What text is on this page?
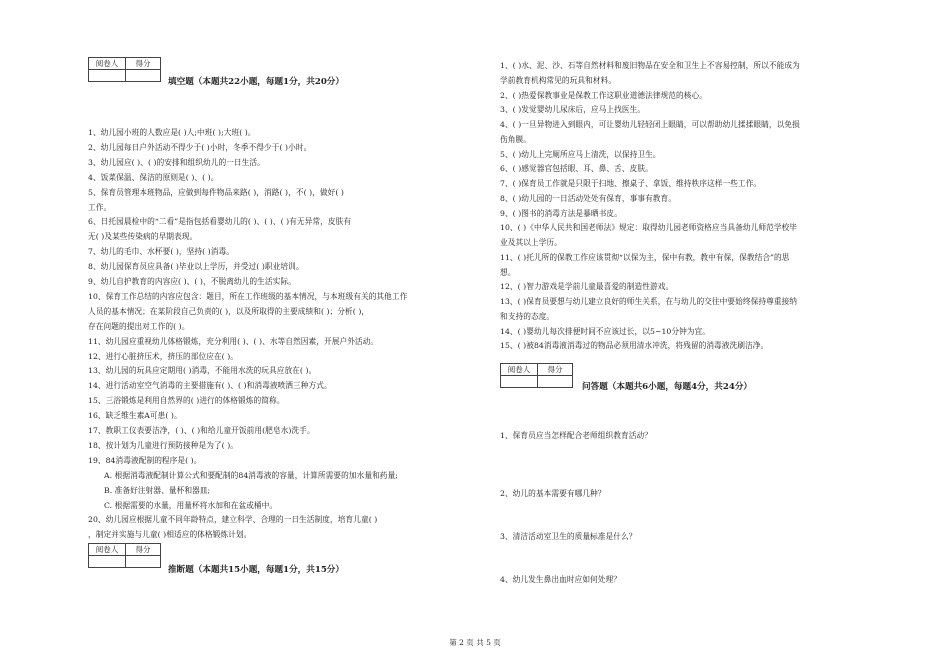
阅卷人	得分

填空题（本题共22小题，每题1分，共20分）
1、幼儿园小班的人数应是( )人;中班( );大班( )。
2、幼儿园每日户外活动不得少于( )小时，冬季不得少于( )小时。
3、幼儿园应( )、( )的安排和组织幼儿的一日生活。
4、饭菜保温、保洁的原则是( )、( )。
5、保育员管理本班物品，应做到每件物品来路( )，消路( )，不( )，做好( )
工作。
6、日托园晨检中的“二看”是指包括看婴幼儿的( )、( )、( )有无异常，皮肤有
无( )及某些传染病的早期表现。
7、幼儿的毛巾、水杯要( )，坚持( )消毒。
8、幼儿园保育员应具备( )毕业以上学历，并受过( )职业培训。
9、幼儿自护教育的内容应( )、( )，不脱离幼儿的生活实际。
10、保育工作总结的内容应包含：题目，所在工作班级的基本情况，与本班级有关的其他工作
人员的基本情况；在某阶段自己负责的( )，以及所取得的主要成绩和( )；分析( )，
存在问题的提出对工作的( )。
11、幼儿园应重视幼儿体格锻炼，充分利用( )、( )、水等自然因素，开展户外活动。
12、进行心脏挤压术，挤压的部位应在( )。
13、幼儿园的玩具应定期用( )消毒，不能用水洗的玩具应放在( )。
14、进行活动室空气消毒的主要措施有( )、( )和消毒液喷洒三种方式。
15、三浴锻炼是利用自然界的( )进行的体格锻炼的简称。
16、缺乏维生素A可患( )。
17、教职工仪表要洁净，( )、( )和给儿童开饭前用(肥皂水)洗手。
18、按计划为儿童进行预防接种是为了( )。
19、84消毒液配制的程序是( )。
A. 根据消毒液配制计算公式和要配制的84消毒液的容量，计算所需要的加水量和药量;
B. 准备好注射器、量杯和器皿;
C. 根据需要的水量，用量杯将水加和在盆或桶中。
20、幼儿园应根据儿童不同年龄特点，建立科学、合理的一日生活制度，培育儿童( )
，制定并实施与儿童( )相适应的体格锻炼计划。
阅卷人	得分

推断题（本题共15小题，每题1分，共15分）
1、( )水、泥、沙、石等自然材料和废旧物品在安全和卫生上不容易控制，所以不能成为
学前教育机构常见的玩具和材料。
2、( )热爱保教事业是保教工作这职业道德法律规范的核心。
3、( )发觉婴幼儿尿床后，应马上找医生。
4、( )一旦异物进入到眼内，可让婴幼儿轻轻闭上眼睛，可以帮助幼儿揉揉眼睛，以免损
伤角膜。
5、( )幼儿上完厕所应马上清洗，以保持卫生。
6、( )感觉器官包括眼、耳、鼻、舌、皮肤。
7、( )保育员工作就是只限于扫地、擦桌子、拿饭、维持秩序这样一些工作。
8、( )幼儿园的一日活动处处有保育，事事有教育。
9、( )图书的消毒方法是暴晒书皮。
10、( )《中华人民共和国老师法》规定：取得幼儿园老师资格应当具备幼儿师范学校毕
业及其以上学历。
11、( )托儿所的保教工作应该贯彻“以保为主，保中有教，教中有保，保教结合”的思
想。
12、( )智力游戏是学前儿童最喜爱的制造性游戏。
13、( )保育员要想与幼儿建立良好的师生关系，在与幼儿的交往中要始终保持尊重接纳
和支持的态度。
14、( )婴幼儿每次排便时间不应该过长，以5~10分钟为宜。
15、( )被84消毒液消毒过的物品必须用清水冲洗，将残留的消毒液洗刷洁净。
阅卷人	得分

问答题（本题共6小题，每题4分，共24分）
1、保育员应当怎样配合老师组织教育活动？
2、幼儿的基本需要有哪几种？
3、清洁活动室卫生的质量标准是什么？
4、幼儿发生鼻出血时应如何处理？
第 2 页 共 5 页
